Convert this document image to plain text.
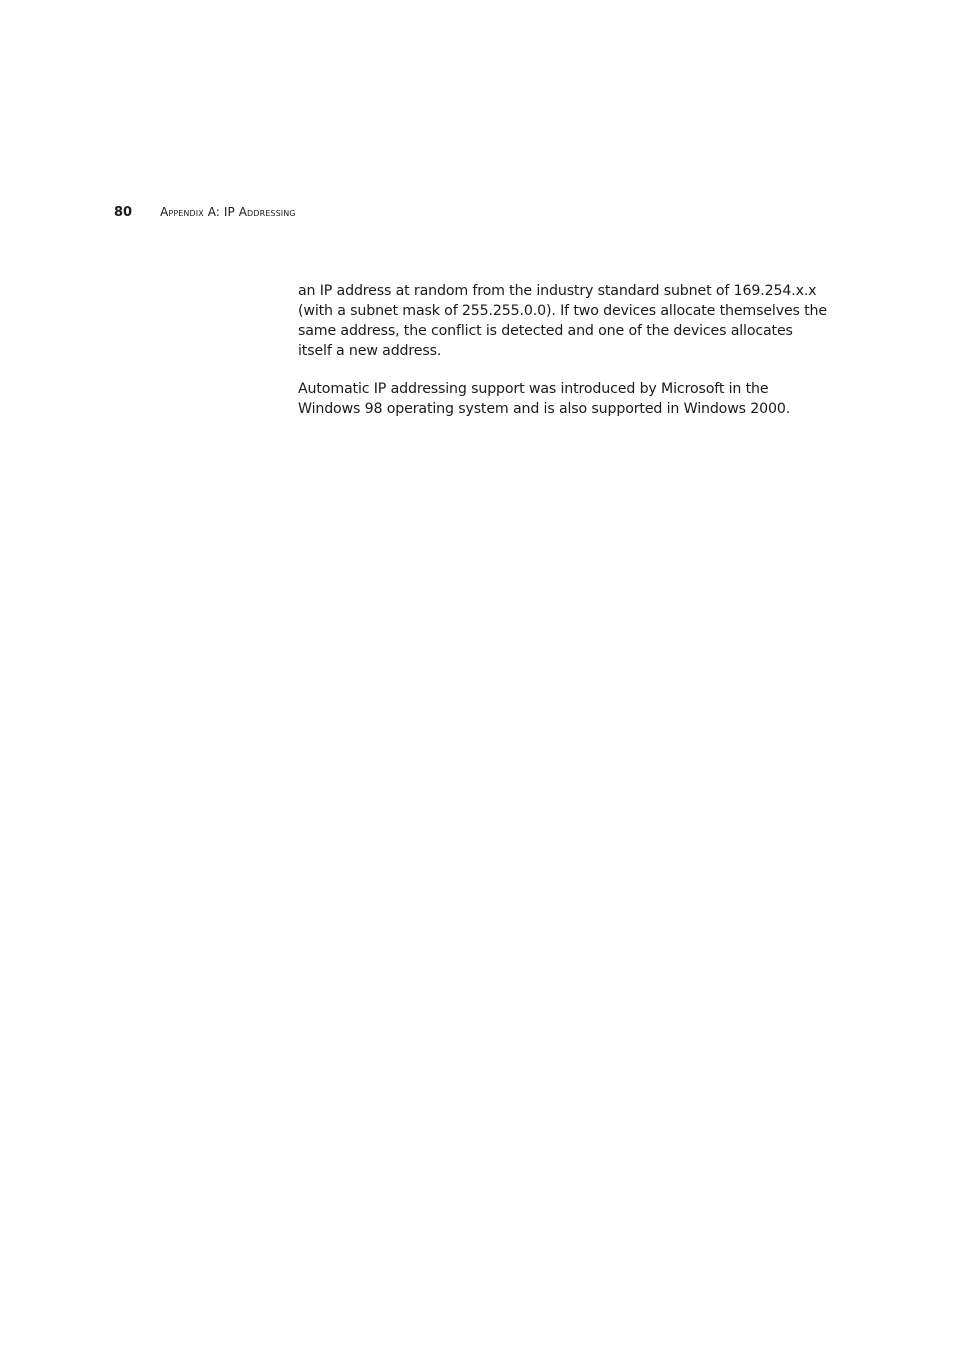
80 Appendix A: IP Addressing

an IP address at random from the industry standard subnet of 169.254.x.x (with a subnet mask of 255.255.0.0). If two devices allocate themselves the same address, the conflict is detected and one of the devices allocates itself a new address.

Automatic IP addressing support was introduced by Microsoft in the Windows 98 operating system and is also supported in Windows 2000.
